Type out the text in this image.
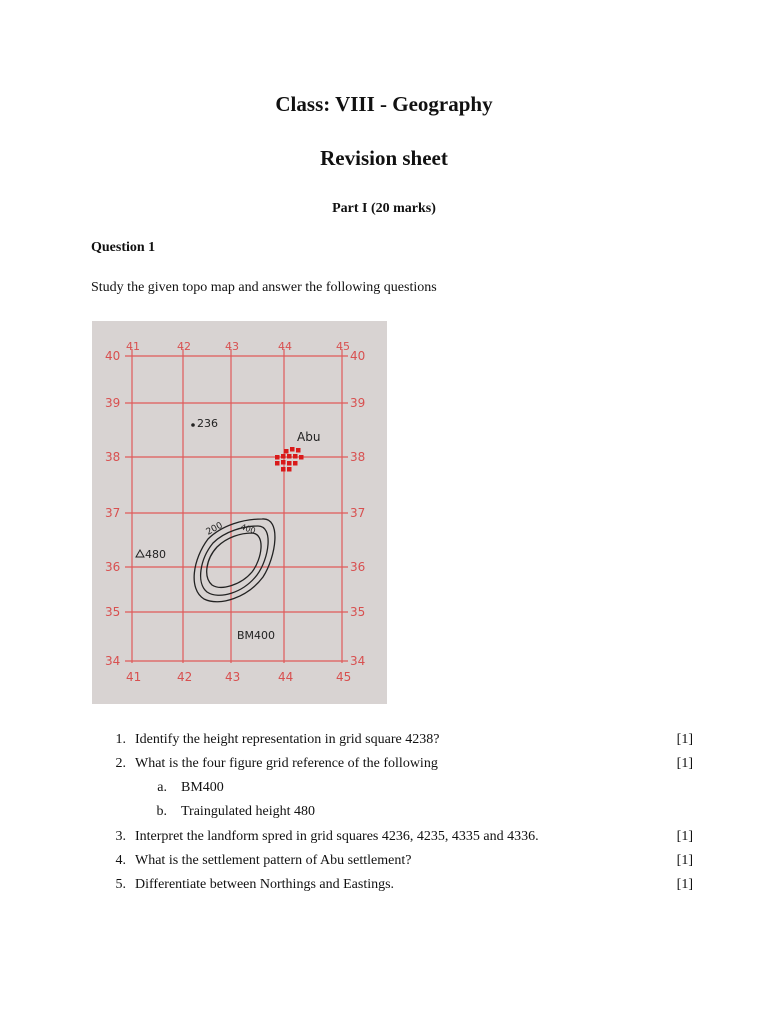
Class: VIII - Geography
Revision sheet
Part I (20 marks)
Question 1
Study the given topo map and answer the following questions
41	42	43	44	45
41	42	43	44	45
40
39
38
37
36
35
34
40
39
38
37
36
35
34
236
Abu
480
200 400
BM400
1. Identify the height representation in grid square 4238?	[1]
2. What is the four figure grid reference of the following	[1]
a. BM400
b. Traingulated height 480
3. Interpret the landform spred in grid squares 4236, 4235, 4335 and 4336.	[1]
4. What is the settlement pattern of Abu settlement?	[1]
5. Differentiate between Northings and Eastings.	[1]
